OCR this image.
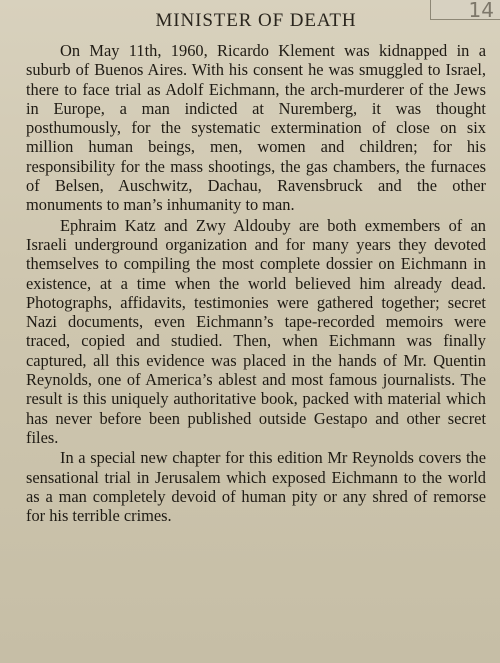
14
MINISTER OF DEATH

On May 11th, 1960, Ricardo Klement was kidnapped in a suburb of Buenos Aires. With his consent he was smuggled to Israel, there to face trial as Adolf Eichmann, the arch-murderer of the Jews in Europe, a man indicted at Nuremberg, it was thought posthumously, for the systematic extermination of close on six million human beings, men, women and children; for his responsibility for the mass shootings, the gas chambers, the furnaces of Belsen, Auschwitz, Dachau, Ravensbruck and the other monuments to man’s inhumanity to man.

Ephraim Katz and Zwy Aldouby are both exmembers of an Israeli underground organization and for many years they devoted themselves to compiling the most complete dossier on Eichmann in existence, at a time when the world believed him already dead. Photographs, affidavits, testimonies were gathered together; secret Nazi documents, even Eichmann’s tape-recorded memoirs were traced, copied and studied. Then, when Eichmann was finally captured, all this evidence was placed in the hands of Mr. Quentin Reynolds, one of America’s ablest and most famous journalists. The result is this uniquely authoritative book, packed with material which has never before been published outside Gestapo and other secret files.

In a special new chapter for this edition Mr Reynolds covers the sensational trial in Jerusalem which exposed Eichmann to the world as a man completely devoid of human pity or any shred of remorse for his terrible crimes.
